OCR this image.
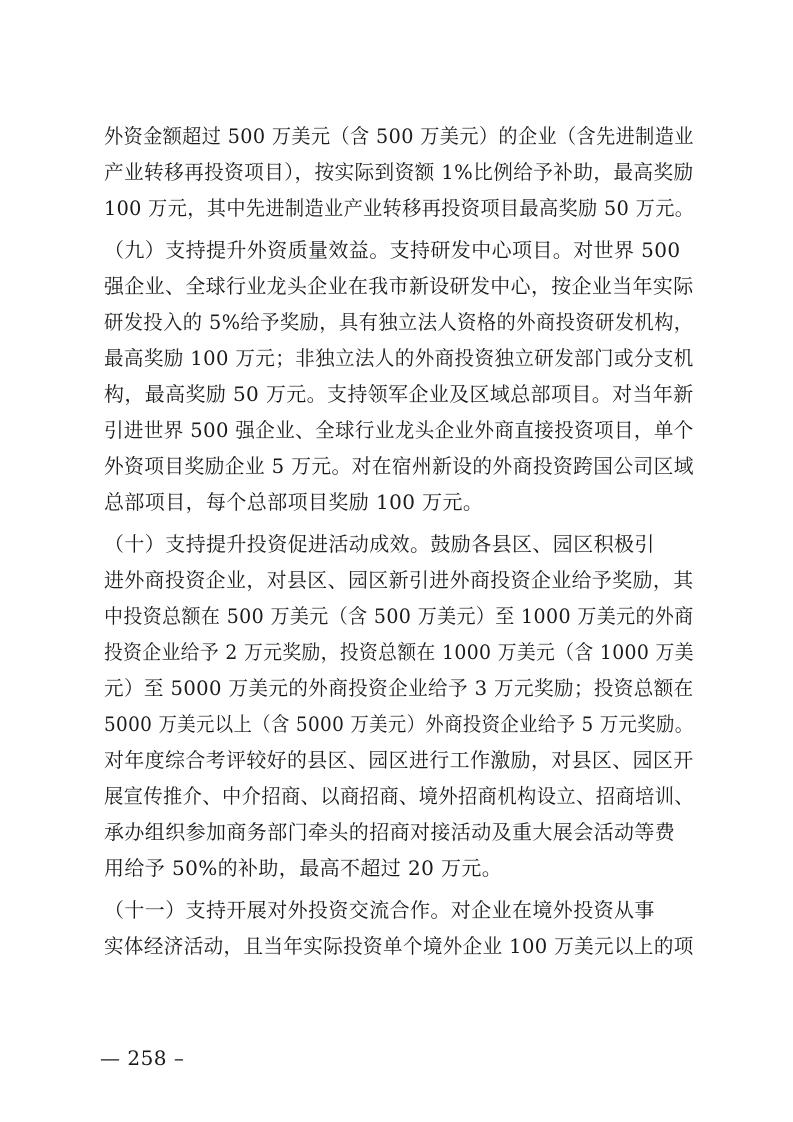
外资金额超过 500 万美元（含 500 万美元）的企业（含先进制造业
产业转移再投资项目），按实际到资额 1%比例给予补助，最高奖励
100 万元，其中先进制造业产业转移再投资项目最高奖励 50 万元。
（九）支持提升外资质量效益。支持研发中心项目。对世界 500
强企业、全球行业龙头企业在我市新设研发中心，按企业当年实际
研发投入的 5%给予奖励，具有独立法人资格的外商投资研发机构，
最高奖励 100 万元；非独立法人的外商投资独立研发部门或分支机
构，最高奖励 50 万元。支持领军企业及区域总部项目。对当年新
引进世界 500 强企业、全球行业龙头企业外商直接投资项目，单个
外资项目奖励企业 5 万元。对在宿州新设的外商投资跨国公司区域
总部项目，每个总部项目奖励 100 万元。
（十）支持提升投资促进活动成效。鼓励各县区、园区积极引
进外商投资企业，对县区、园区新引进外商投资企业给予奖励，其
中投资总额在 500 万美元（含 500 万美元）至 1000 万美元的外商
投资企业给予 2 万元奖励，投资总额在 1000 万美元（含 1000 万美
元）至 5000 万美元的外商投资企业给予 3 万元奖励；投资总额在
5000 万美元以上（含 5000 万美元）外商投资企业给予 5 万元奖励。
对年度综合考评较好的县区、园区进行工作激励，对县区、园区开
展宣传推介、中介招商、以商招商、境外招商机构设立、招商培训、
承办组织参加商务部门牵头的招商对接活动及重大展会活动等费
用给予 50%的补助，最高不超过 20 万元。
（十一）支持开展对外投资交流合作。对企业在境外投资从事
实体经济活动，且当年实际投资单个境外企业 100 万美元以上的项
— 258 –
